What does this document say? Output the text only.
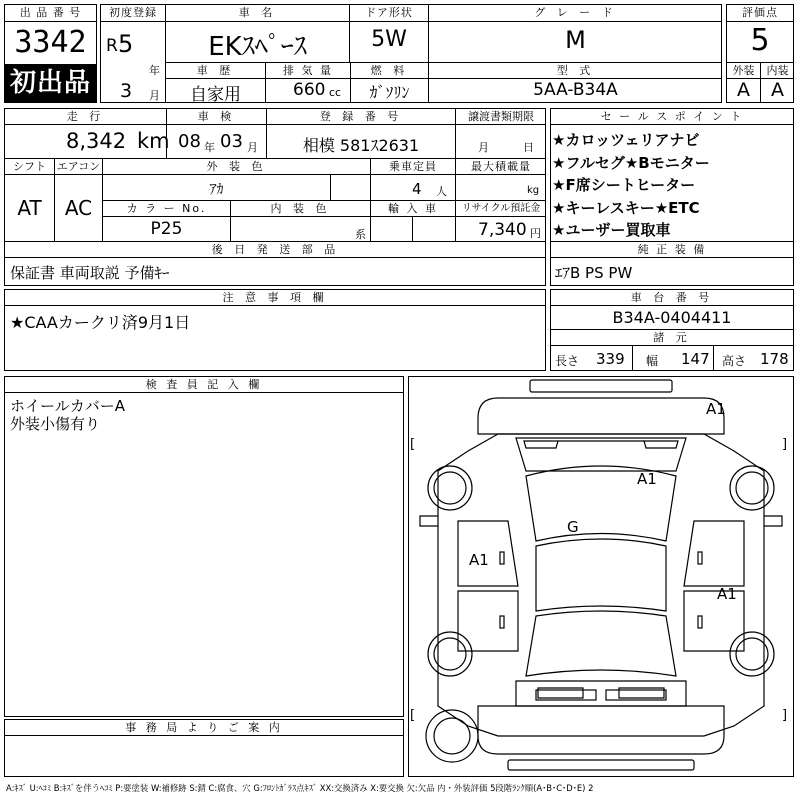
出 品 番 号
3342
初出品
初度登録
R 5
年
3 月
車 名
EKｽﾍﾟｰｽ
ドア形状
5W
グ レ ー ド
M
車 歴
自家用
排 気 量
660 cc
燃 料
ｶﾞｿﾘﾝ
型 式
5AA-B34A
評価点
5
外装	内装
A	A
走 行
8,342 km
車 検
08 年 03 月
登 録 番 号
相模 581ｽ2631
譲渡書類期限
月	日
シフト
AT
エアコン
AC
外 装 色
ｱｶ
乗車定員
4 人
最大積載量
kg
カ ラ ー No.
P25
内 装 色
系
輸 入 車	リサイクル預託金
7,340 円
後 日 発 送 部 品
保証書 車両取説 予備ｷｰ
セ ー ル ス ポ イ ン ト
★カロッツェリアナビ
★フルセグ★Bモニター
★F席シートヒーター
★キーレスキー★ETC
★ユーザー買取車
純 正 装 備
ｴｱB PS PW
注 意 事 項 欄
★CAAカークリ済9月1日
車 台 番 号
B34A-0404411
諸 元
長さ 339 幅 147 高さ 178
検 査 員 記 入 欄
ホイールカバーA
外装小傷有り
事 務 局 よ り ご 案 内
[	]
[	]
A1
A1
G
A1
A1
A:ｷｽﾞ U:ﾍｺﾐ B:ｷｽﾞを伴うﾍｺﾐ P:要塗装 W:補修跡 S:錆 C:腐食、穴 G:ﾌﾛﾝﾄｶﾞﾗｽ点ｷｽﾞ XX:交換済み X:要交換 欠:欠品 内・外装評価 5段階ﾗﾝｸ順(A･B･C･D･E) 2
